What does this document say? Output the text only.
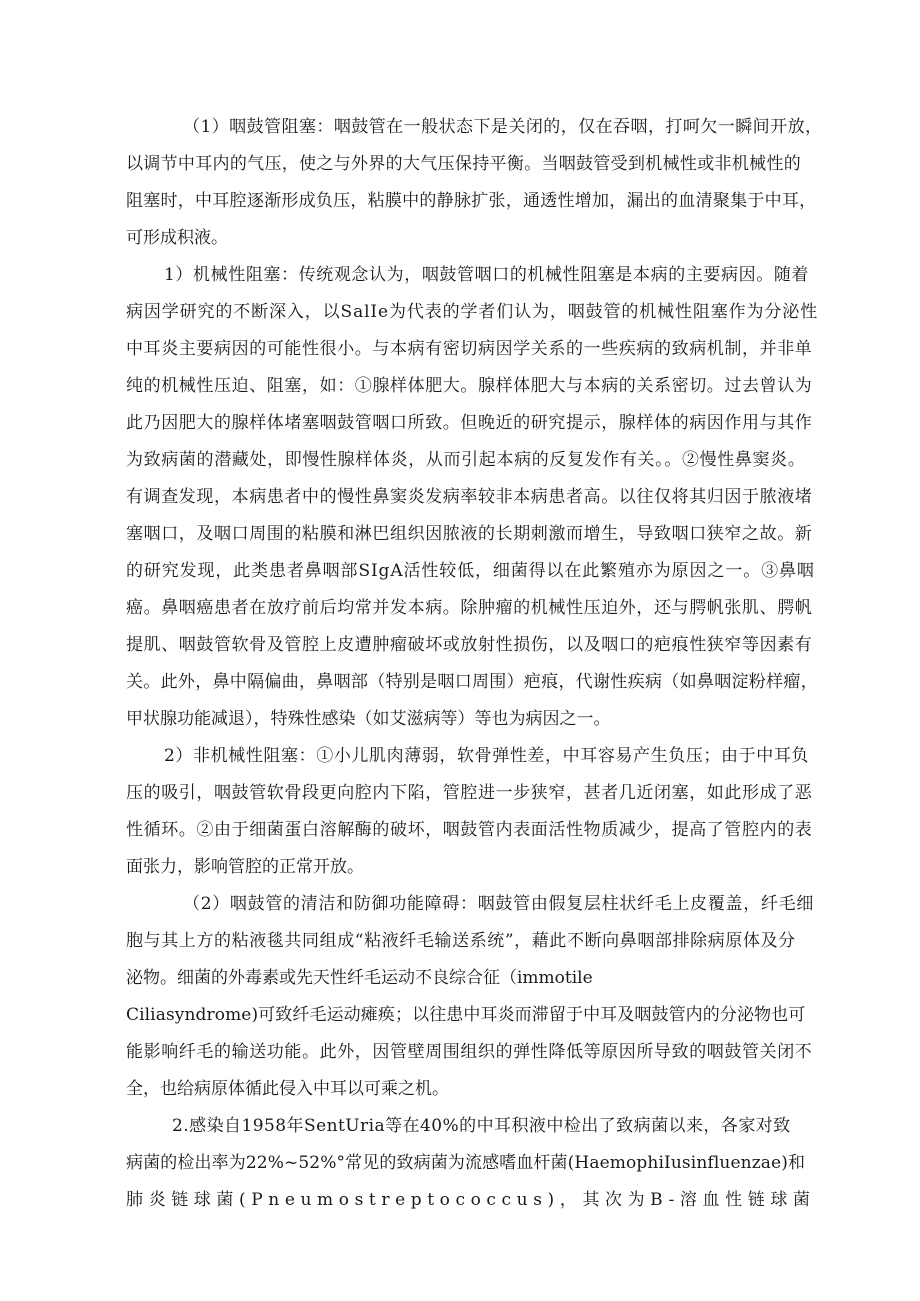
（1）咽鼓管阻塞：咽鼓管在一般状态下是关闭的，仅在吞咽，打呵欠一瞬间开放，

以调节中耳内的气压，使之与外界的大气压保持平衡。当咽鼓管受到机械性或非机械性的

阻塞时，中耳腔逐渐形成负压，粘膜中的静脉扩张，通透性增加，漏出的血清聚集于中耳，

可形成积液。

1）机械性阻塞：传统观念认为，咽鼓管咽口的机械性阻塞是本病的主要病因。随着

病因学研究的不断深入，以SalIe为代表的学者们认为，咽鼓管的机械性阻塞作为分泌性

中耳炎主要病因的可能性很小。与本病有密切病因学关系的一些疾病的致病机制，并非单

纯的机械性压迫、阻塞，如：①腺样体肥大。腺样体肥大与本病的关系密切。过去曾认为

此乃因肥大的腺样体堵塞咽鼓管咽口所致。但晚近的研究提示，腺样体的病因作用与其作

为致病菌的潜藏处，即慢性腺样体炎，从而引起本病的反复发作有关。。②慢性鼻窦炎。

有调查发现，本病患者中的慢性鼻窦炎发病率较非本病患者高。以往仅将其归因于脓液堵

塞咽口，及咽口周围的粘膜和淋巴组织因脓液的长期刺激而增生，导致咽口狭窄之故。新

的研究发现，此类患者鼻咽部SIgA活性较低，细菌得以在此繁殖亦为原因之一。③鼻咽

癌。鼻咽癌患者在放疗前后均常并发本病。除肿瘤的机械性压迫外，还与腭帆张肌、腭帆

提肌、咽鼓管软骨及管腔上皮遭肿瘤破坏或放射性损伤，以及咽口的疤痕性狭窄等因素有

关。此外，鼻中隔偏曲，鼻咽部（特别是咽口周围）疤痕，代谢性疾病（如鼻咽淀粉样瘤，

甲状腺功能减退），特殊性感染（如艾滋病等）等也为病因之一。

2）非机械性阻塞：①小儿肌肉薄弱，软骨弹性差，中耳容易产生负压；由于中耳负

压的吸引，咽鼓管软骨段更向腔内下陷，管腔进一步狭窄，甚者几近闭塞，如此形成了恶

性循环。②由于细菌蛋白溶解酶的破坏，咽鼓管内表面活性物质减少，提高了管腔内的表

面张力，影响管腔的正常开放。

（2）咽鼓管的清洁和防御功能障碍：咽鼓管由假复层柱状纤毛上皮覆盖，纤毛细

胞与其上方的粘液毯共同组成“粘液纤毛输送系统”，藉此不断向鼻咽部排除病原体及分

泌物。细菌的外毒素或先天性纤毛运动不良综合征（immotile

Ciliasyndrome)可致纤毛运动瘫痪；以往患中耳炎而滞留于中耳及咽鼓管内的分泌物也可

能影响纤毛的输送功能。此外，因管壁周围组织的弹性降低等原因所导致的咽鼓管关闭不

全，也给病原体循此侵入中耳以可乘之机。

2.感染自1958年SentUria等在40%的中耳积液中检出了致病菌以来，各家对致

病菌的检出率为22%~52%°常见的致病菌为流感嗜血杆菌(HaemophiIusinfluenzae)和

肺炎链球菌(Pneumostreptococcus)，其次为B-溶血性链球菌
